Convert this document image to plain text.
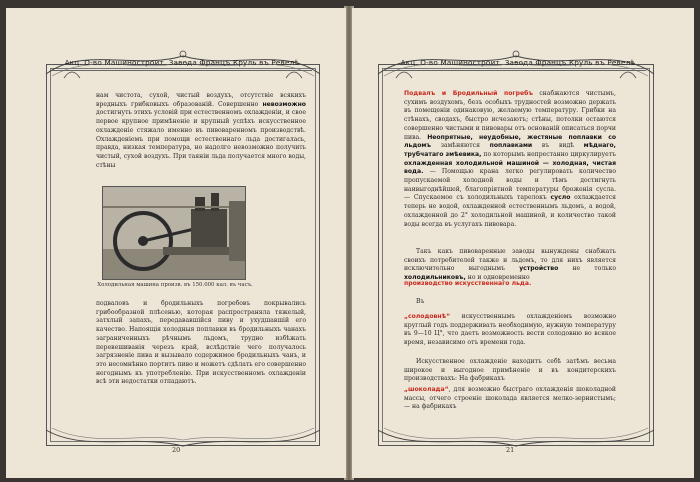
Акц. О-во Машиностроит. Завода Францъ Круль въ Ревелѣ

нам чистота, сухой, чистый воздухъ, отсутствіе всякихъ вредныхъ грибковыхъ образованій. Совершенно невозможно достигнуть этихъ условій при естественномъ охлажденіи, и свое первое крупное примѣненіе и крупный успѣхъ искусственное охлажденіе стяжало именно въ пивоваренномъ производствѣ. Охлажденіемъ при помощи естественнаго льда достигалась, правда, низкая температура, но надолго невозможно получить чистый, сухой воздухъ. При таяніи льда получается много воды, стѣны

Холодильная машина произв. въ 150.000 кал. въ часъ.

подваловъ и бродильныхъ погребовъ покрывались грибообразной плѣсенью, которая распространяла тяжелый, затхлый запахъ, передававшійся пиву и ухудшавшій его качество. Напоящія холодныя поплавки въ бродильныхъ чанахъ заграниченныхъ рѣчнымъ льдомъ, трудно избѣжать перевешиванія черезъ край, вслѣдствіе чего получалось загрязненіе пива и вызывало содержимое бродильныхъ чанъ, и это несомнѣнно портитъ пиво и можетъ сдѣлать его совершенно негоднымъ къ употребленію. При искусственномъ охлажденіи всѣ эти недостатки отпадаютъ.

20
Акц. О-во Машиностроит. Завода Францъ Круль въ Ревелѣ

Подвалъ и Бродильный погребъ снабжаются чистымъ, сухимъ воздухомъ, безъ особыхъ трудностей возможно держать въ помещеніи одинаковую, желаемую температуру. Грибки на стѣнахъ, сводахъ, быстро исчезаютъ; стѣны, потолки остаются совершенно чистыми и пивовары отъ основаній описаться порчи пива. Неопрятные, неудобные, жестяные поплавки со льдомъ замѣняются поплавками въ видѣ мѣднаго, трубчатаго змѣевика, по которымъ непрестанно циркулируетъ охлажденная холодильной машиной — холодная, чистая вода. — Помощью крана легко регулировать количество пропускаемой холодной воды и тѣмъ достигнуть наивыгоднѣйшей, благопріятной температуры броженія сусла. — Спускаемое съ холодильныхъ тарелокъ сусло охлаждается теперь не водой, охлажденной естественнымъ льдомъ, а водой, охлажденной до 2° холодильной машиной, и количество такой воды всегда въ услугахъ пивовара.

Такъ какъ пивоваренные заводы вынуждены снабжать своихъ потребителей также и льдомъ, то для нихъ является исключительно выгоднымъ устройство не только холодильниковъ, но и одновременно

производство искусственнаго льда.

Въ

„солодовнѣ“ искусственнымъ охлажденіемъ возможно круглый годъ поддерживать необходимую, нужную температуру въ 9—10 Ц°, что даетъ возможность вести солодовню во всякое время, независимо отъ времени года.

Искусственное охлажденіе находитъ себѣ затѣмъ весьма широкое и выгодное примѣненіе и въ кондитерскихъ производствахъ: На фабрикахъ

„шоколада“, для возможно быстраго охлажденія шоколадной массы, отчего строеніе шоколада является мелко-зернистымъ; — на фабрикахъ

21
